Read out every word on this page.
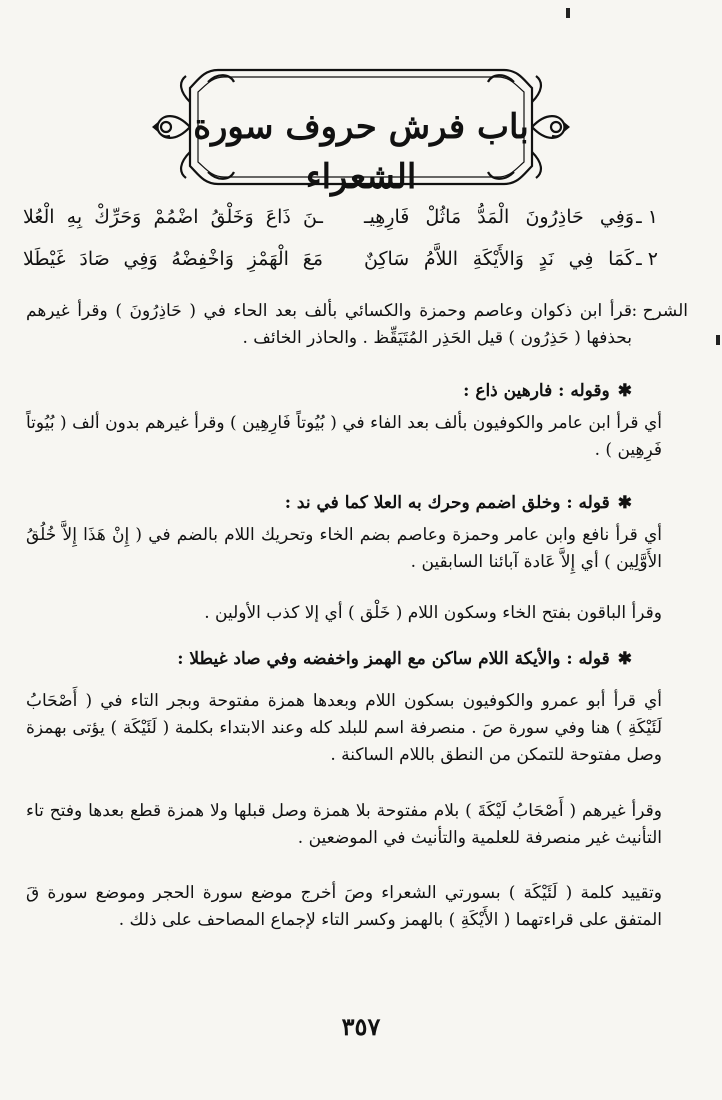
باب فرش حروف سورة الشعراء
١ ـ
وَفِي حَاذِرُونَ الْمَدُّ مَاثُلْ فَارِهِيـ
ـنَ ذَاعَ وَخَلْقُ اضْمُمْ وَحَرِّكْ بِهِ الْعُلا
٢ ـ
كَمَا فِي نَدٍ وَالأَيْكَةِ اللاَّمُ سَاكِنٌ
مَعَ الْهَمْزِ وَاخْفِضْهُ وَفِي صَادَ غَيْطَلا
الشرح :
قرأ ابن ذكوان وعاصم وحمزة والكسائي بألف بعد الحاء في ( حَاذِرُونَ ) وقرأ غيرهم بحذفها ( حَذِرُون ) قيل الحَذِر المُتَيَقِّظ . والحاذر الخائف .
✱وقوله : فارهين ذاع :
أي قرأ ابن عامر والكوفيون بألف بعد الفاء في ( بُيُوتاً فَارِهِين ) وقرأ غيرهم بدون ألف ( بُيُوتاً فَرِهِين ) .
✱قوله : وخلق اضمم وحرك به العلا كما في ند :
أي قرأ نافع وابن عامر وحمزة وعاصم بضم الخاء وتحريك اللام بالضم في ( إِنْ هَذَا إِلاَّ خُلُقُ الأَوَّلِين ) أي إِلاَّ عَادة آبائنا السابقين .
وقرأ الباقون بفتح الخاء وسكون اللام ( خَلْق ) أي إلا كذب الأولين .
✱قوله : والأيكة اللام ساكن مع الهمز واخفضه وفي صاد غيطلا :
أي قرأ أبو عمرو والكوفيون بسكون اللام وبعدها همزة مفتوحة وبجر التاء في ( أَصْحَابُ لَئَيْكَةِ ) هنا وفي سورة صَ . منصرفة اسم للبلد كله وعند الابتداء بكلمة ( لَئَيْكَة ) يؤتى بهمزة وصل مفتوحة للتمكن من النطق باللام الساكنة .
وقرأ غيرهم ( أَصْحَابُ لَيْكَةَ ) بلام مفتوحة بلا همزة وصل قبلها ولا همزة قطع بعدها وفتح تاء التأنيث غير منصرفة للعلمية والتأنيث في الموضعين .
وتقييد كلمة ( لَئَيْكَة ) بسورتي الشعراء وصَ أخرج موضع سورة الحجر وموضع سورة قَ المتفق على قراءتهما ( الأَيْكَةِ ) بالهمز وكسر التاء لإجماع المصاحف على ذلك .
٣٥٧
